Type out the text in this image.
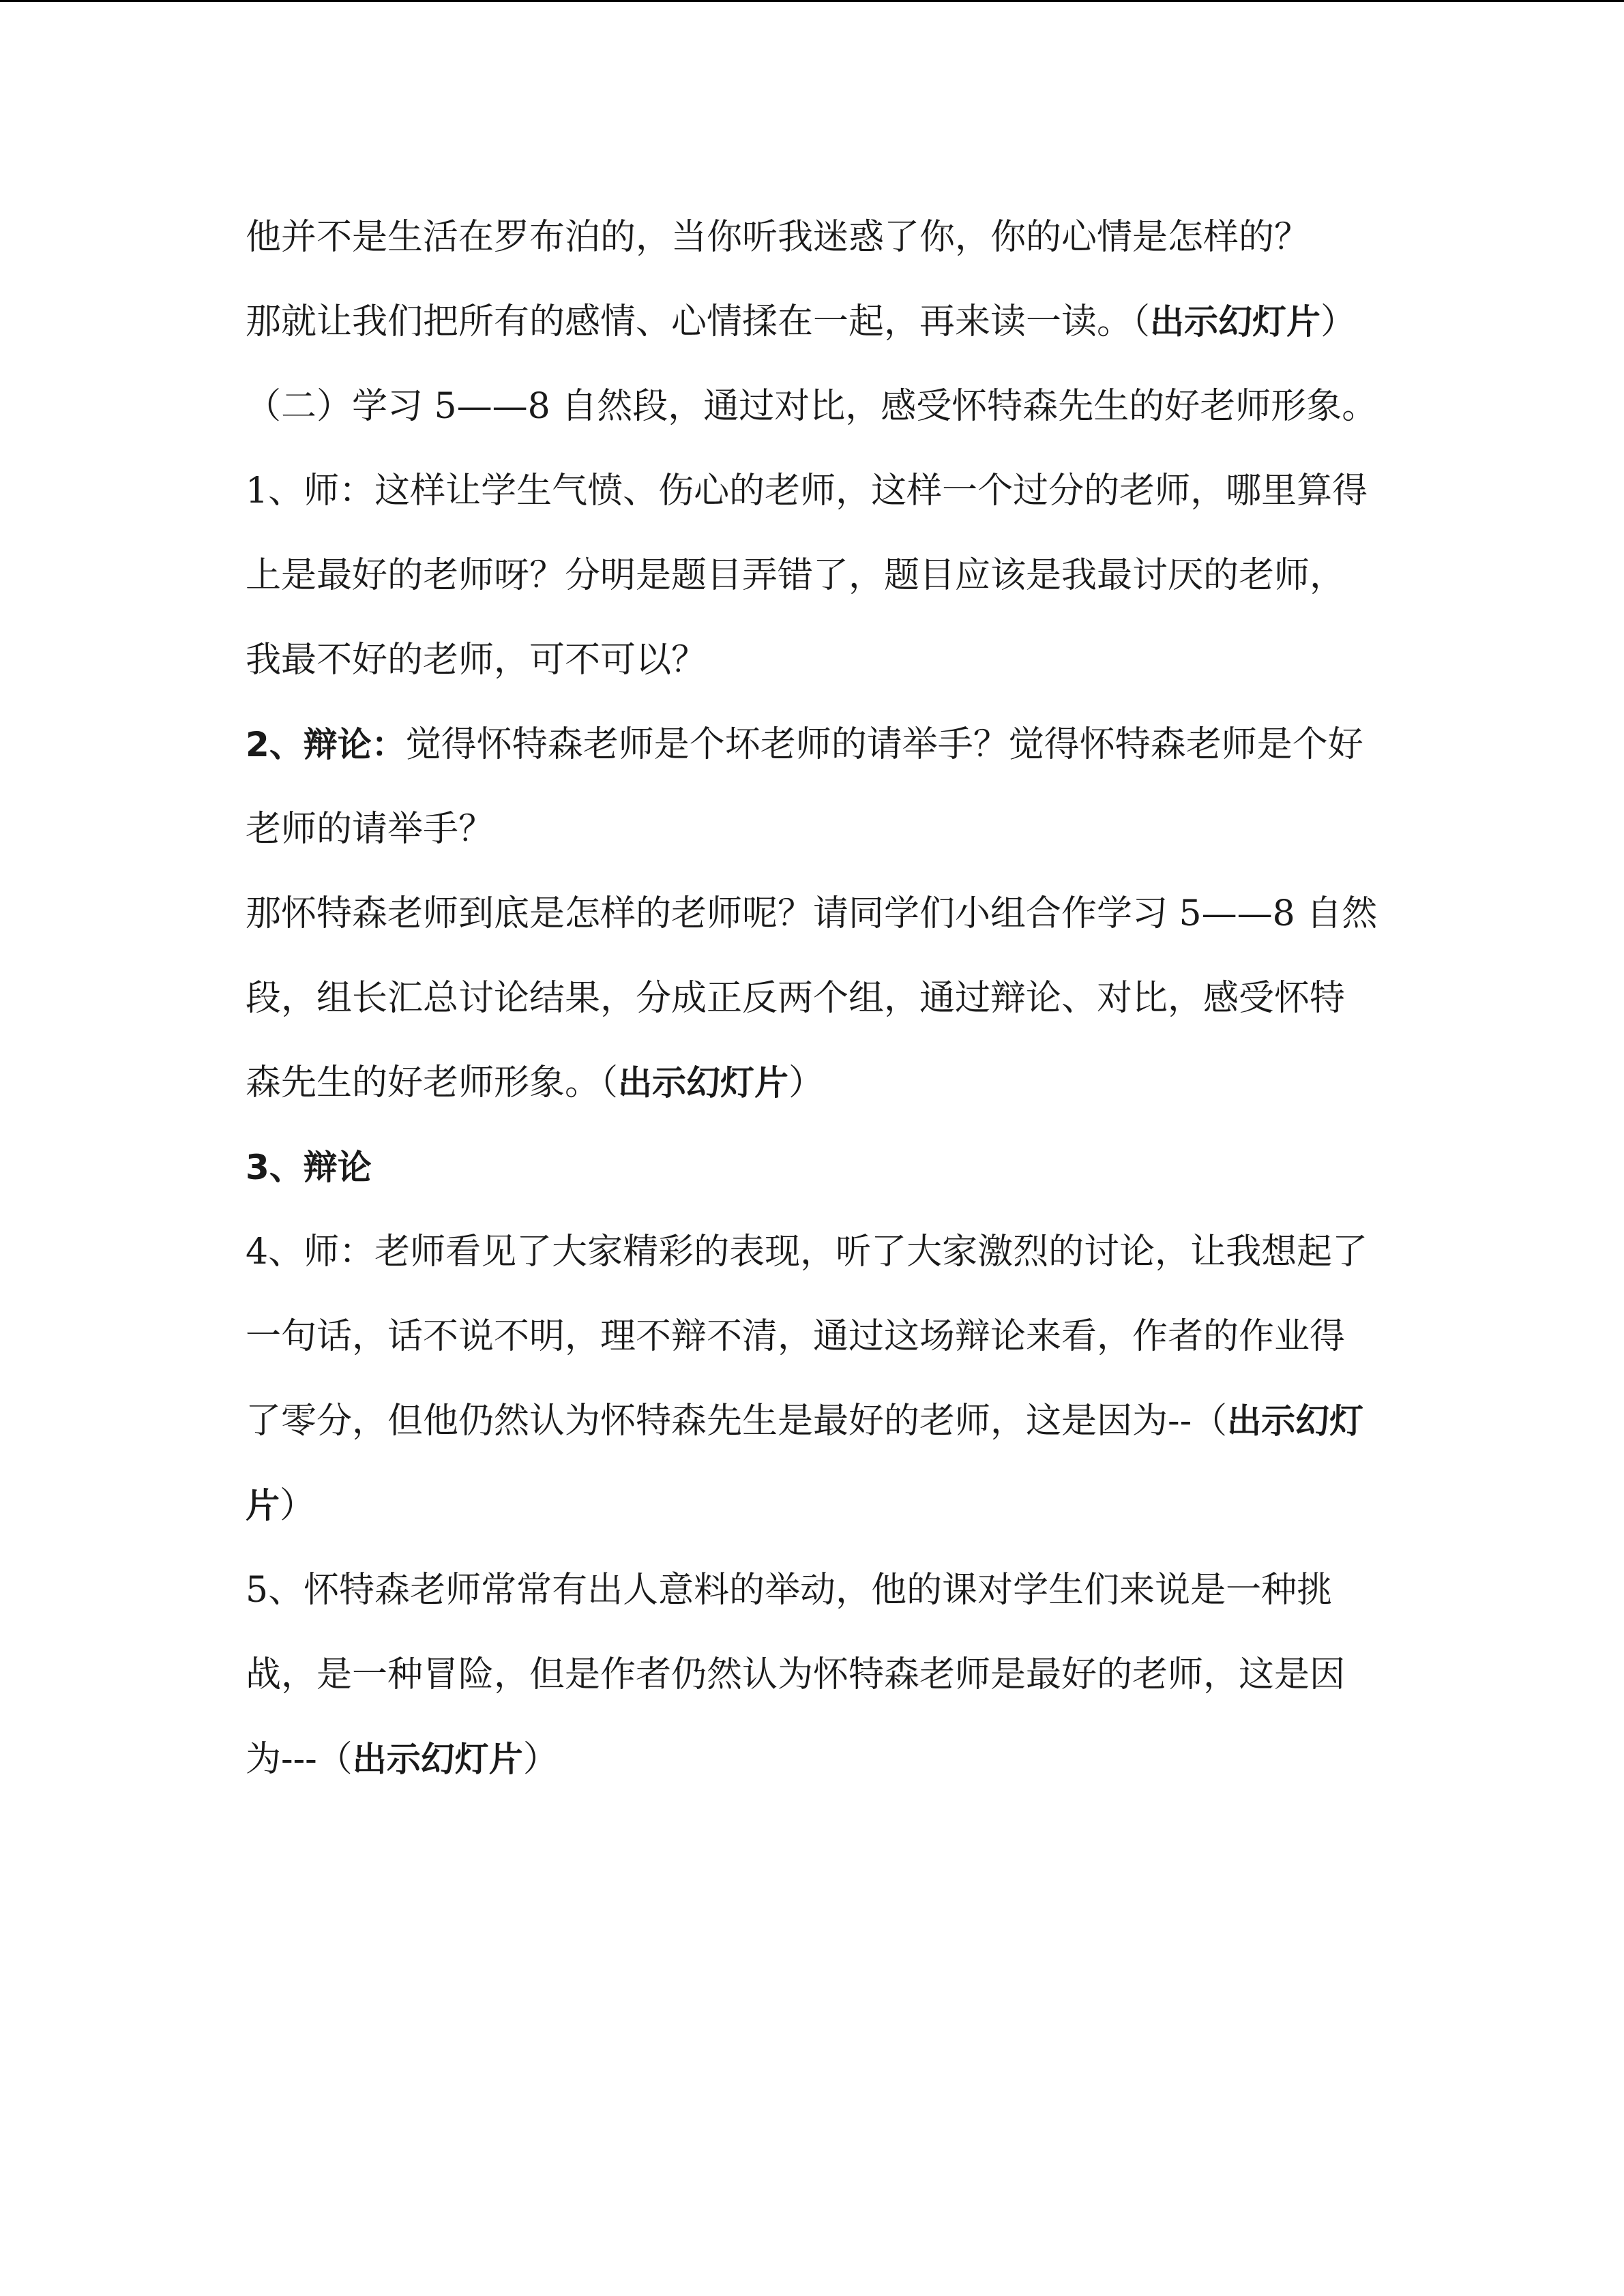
他并不是生活在罗布泊的，当你听我迷惑了你，你的心情是怎样的？

那就让我们把所有的感情、心情揉在一起，再来读一读。（出示幻灯片）

（二）学习 5——8 自然段，通过对比，感受怀特森先生的好老师形象。

1、师：这样让学生气愤、伤心的老师，这样一个过分的老师，哪里算得上是最好的老师呀？分明是题目弄错了，题目应该是我最讨厌的老师，我最不好的老师，可不可以？

2、辩论：觉得怀特森老师是个坏老师的请举手？觉得怀特森老师是个好老师的请举手？

那怀特森老师到底是怎样的老师呢？请同学们小组合作学习 5——8 自然段，组长汇总讨论结果，分成正反两个组，通过辩论、对比，感受怀特森先生的好老师形象。（出示幻灯片）

3、辩论

4、师：老师看见了大家精彩的表现，听了大家激烈的讨论，让我想起了一句话，话不说不明，理不辩不清，通过这场辩论来看，作者的作业得了零分，但他仍然认为怀特森先生是最好的老师，这是因为--（出示幻灯片）

5、怀特森老师常常有出人意料的举动，他的课对学生们来说是一种挑战，是一种冒险，但是作者仍然认为怀特森老师是最好的老师，这是因为---（出示幻灯片）
